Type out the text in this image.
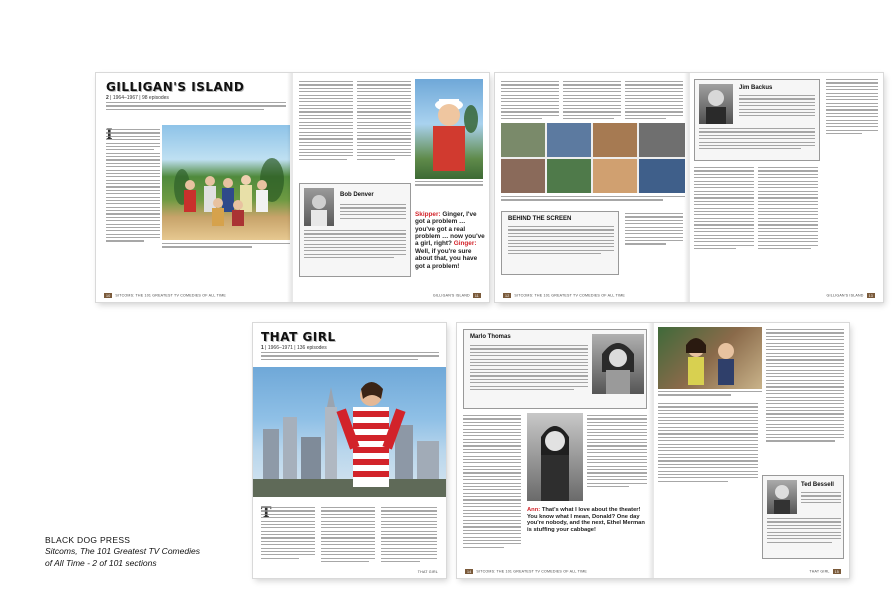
GILLIGAN'S ISLAND
2 | 1964–1967 | 98 episodes
10 SITCOMS: THE 101 GREATEST TV COMEDIES OF ALL TIME
Bob Denver
Skipper: Ginger, I've got a problem …you've got a real problem … now you've a girl, right? Ginger: Well, if you're sure about that, you have got a problem!
GILLIGAN'S ISLAND 11
BEHIND THE SCREEN
12 SITCOMS: THE 101 GREATEST TV COMEDIES OF ALL TIME
Jim Backus
GILLIGAN'S ISLAND 13
THAT GIRL
1 | 1966–1971 | 136 episodes
THAT GIRL
Marlo Thomas
Ann: That's what I love about the theater! You know what I mean, Donald? One day you're nobody, and the next, Ethel Merman is stuffing your cabbage!
14 SITCOMS: THE 101 GREATEST TV COMEDIES OF ALL TIME
Ted Bessell
THAT GIRL 15
BLACK DOG PRESS
Sitcoms, The 101 Greatest TV Comedies
of All Time - 2 of 101 sections
